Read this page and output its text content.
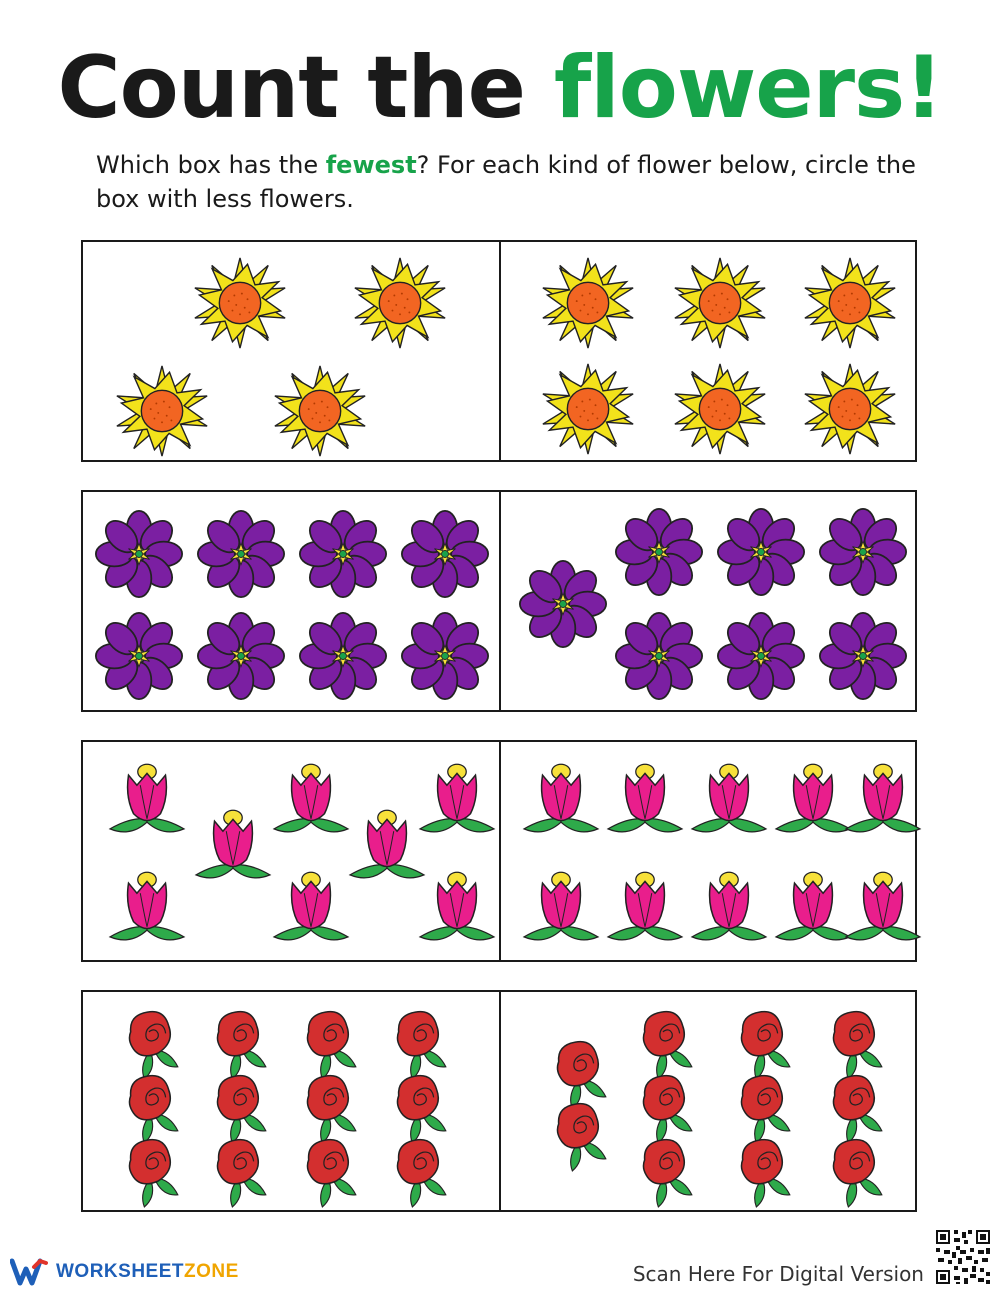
Count the flowers!

Which box has the fewest? For each kind of flower below, circle the box with less flowers.

WORKSHEETZONE	Scan Here For Digital Version
